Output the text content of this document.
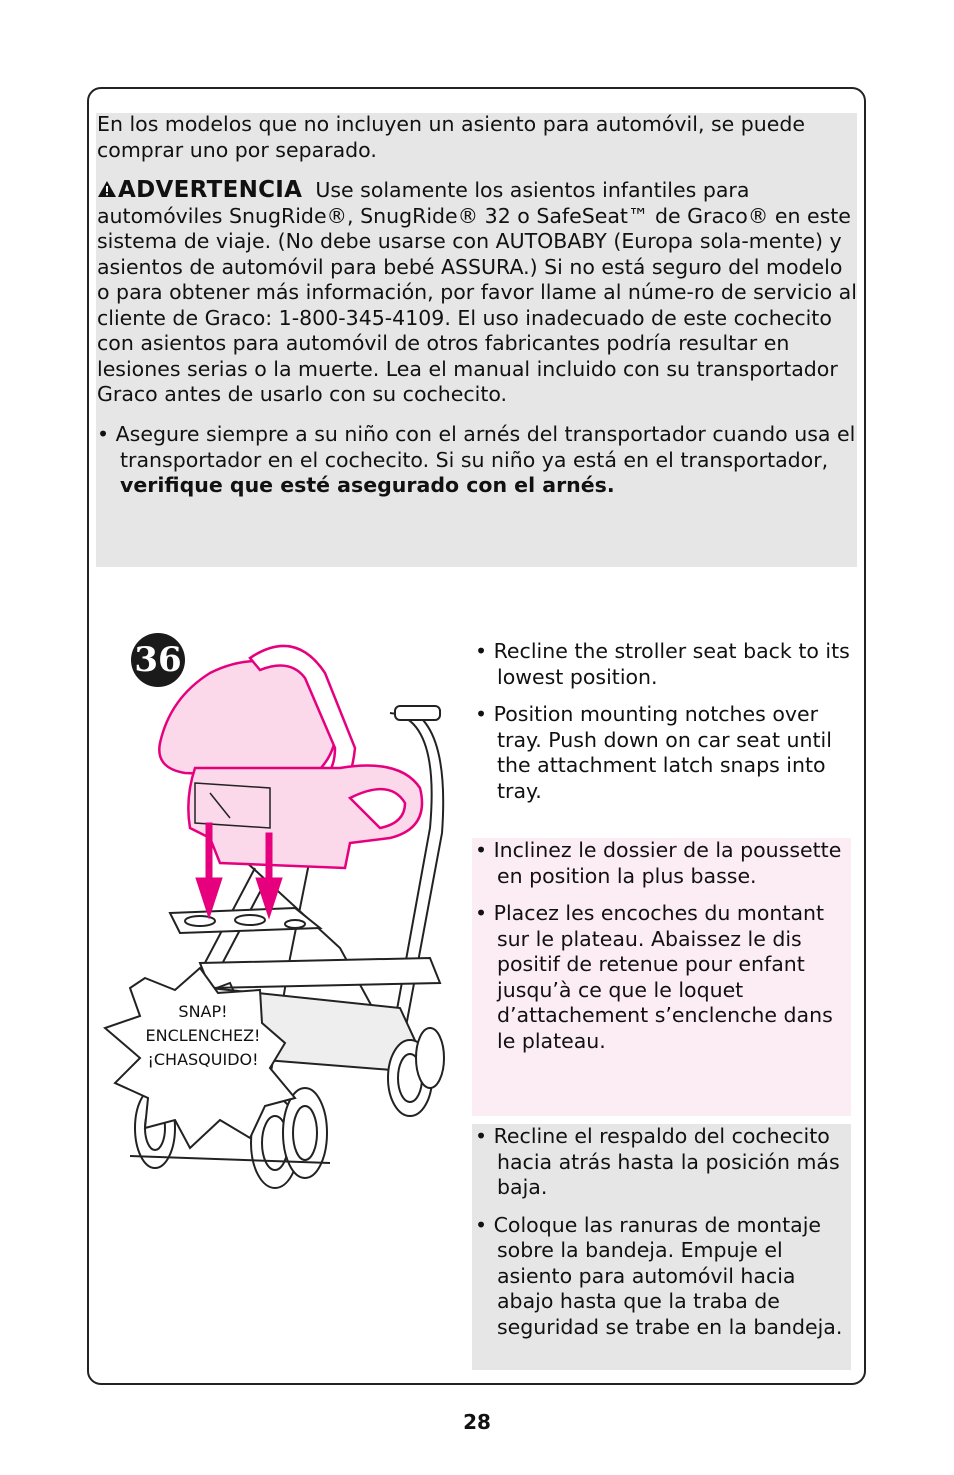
En los modelos que no incluyen un asiento para automóvil, se puede comprar uno por separado.

ADVERTENCIA Use solamente los asientos infantiles para automóviles SnugRide®, SnugRide® 32 o SafeSeat™ de Graco® en este sistema de viaje. (No debe usarse con AUTOBABY (Europa sola-mente) y asientos de automóvil para bebé ASSURA.) Si no está seguro del modelo o para obtener más información, por favor llame al núme-ro de servicio al cliente de Graco: 1-800-345-4109. El uso inadecuado de este cochecito con asientos para automóvil de otros fabricantes podría resultar en lesiones serias o la muerte. Lea el manual incluido con su transportador Graco antes de usarlo con su cochecito.

• Asegure siempre a su niño con el arnés del transportador cuando usa el transportador en el cochecito. Si su niño ya está en el transportador, verifique que esté asegurado con el arnés.

36
SNAP!
ENCLENCHEZ!
¡CHASQUIDO!

• Recline the stroller seat back to its lowest position.

• Position mounting notches over tray. Push down on car seat until the attachment latch snaps into tray.

• Inclinez le dossier de la poussette en position la plus basse.

• Placez les encoches du montant sur le plateau. Abaissez le dis positif de retenue pour enfant jusqu’à ce que le loquet d’attachement s’enclenche dans le plateau.

• Recline el respaldo del cochecito hacia atrás hasta la posición más baja.

• Coloque las ranuras de montaje sobre la bandeja. Empuje el asiento para automóvil hacia abajo hasta que la traba de seguridad se trabe en la bandeja.

28
